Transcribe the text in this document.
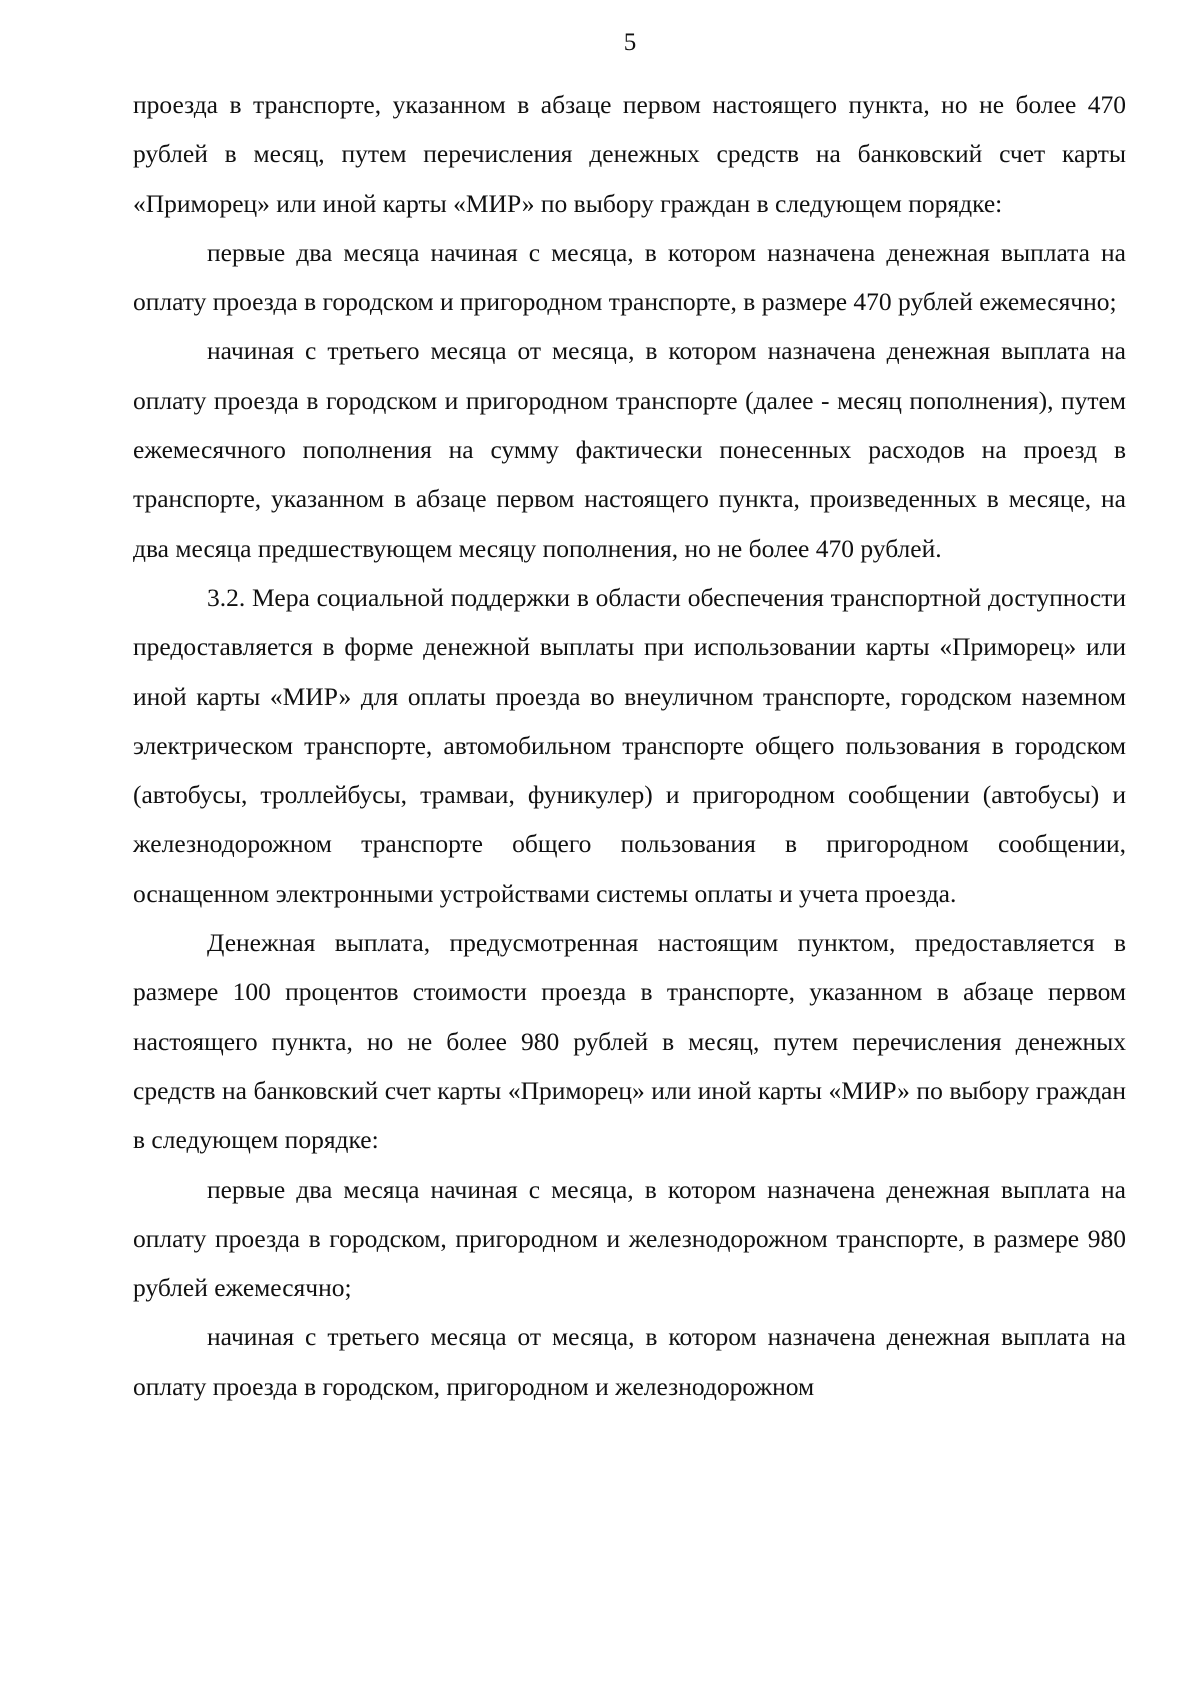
5

проезда в транспорте, указанном в абзаце первом настоящего пункта, но не более 470 рублей в месяц, путем перечисления денежных средств на банковский счет карты «Приморец» или иной карты «МИР» по выбору граждан в следующем порядке:

первые два месяца начиная с месяца, в котором назначена денежная выплата на оплату проезда в городском и пригородном транспорте, в размере 470 рублей ежемесячно;

начиная с третьего месяца от месяца, в котором назначена денежная выплата на оплату проезда в городском и пригородном транспорте (далее - месяц пополнения), путем ежемесячного пополнения на сумму фактически понесенных расходов на проезд в транспорте, указанном в абзаце первом настоящего пункта, произведенных в месяце, на два месяца предшествующем месяцу пополнения, но не более 470 рублей.

3.2. Мера социальной поддержки в области обеспечения транспортной доступности предоставляется в форме денежной выплаты при использовании карты «Приморец» или иной карты «МИР» для оплаты проезда во внеуличном транспорте, городском наземном электрическом транспорте, автомобильном транспорте общего пользования в городском (автобусы, троллейбусы, трамваи, фуникулер) и пригородном сообщении (автобусы) и железнодорожном транспорте общего пользования в пригородном сообщении, оснащенном электронными устройствами системы оплаты и учета проезда.

Денежная выплата, предусмотренная настоящим пунктом, предоставляется в размере 100 процентов стоимости проезда в транспорте, указанном в абзаце первом настоящего пункта, но не более 980 рублей в месяц, путем перечисления денежных средств на банковский счет карты «Приморец» или иной карты «МИР» по выбору граждан в следующем порядке:

первые два месяца начиная с месяца, в котором назначена денежная выплата на оплату проезда в городском, пригородном и железнодорожном транспорте, в размере 980 рублей ежемесячно;

начиная с третьего месяца от месяца, в котором назначена денежная выплата на оплату проезда в городском, пригородном и железнодорожном
